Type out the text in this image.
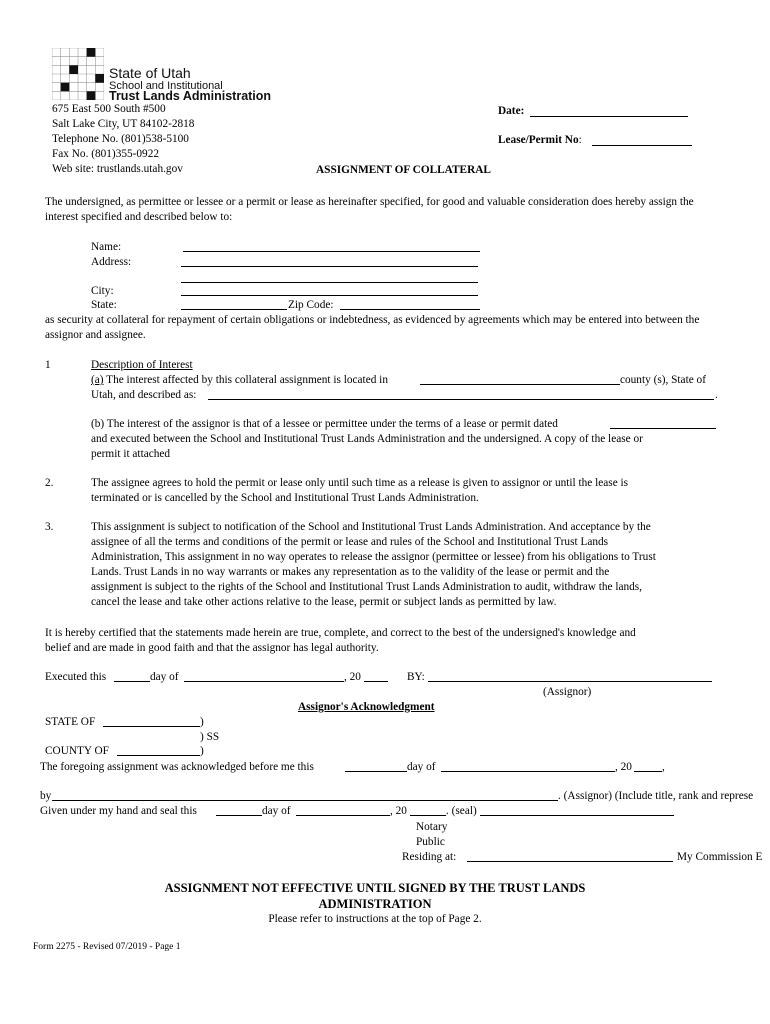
State of Utah
School and Institutional
Trust Lands Administration
675 East 500 South #500
Salt Lake City, UT 84102-2818
Telephone No. (801)538-5100
Fax No. (801)355-0922
Web site: trustlands.utah.gov
Date:
Lease/Permit No:
ASSIGNMENT OF COLLATERAL
The undersigned, as permittee or lessee or a permit or lease as hereinafter specified, for good and valuable consideration does hereby assign the interest specified and described below to:
Name:
Address:
City:
State:	Zip Code:
as security at collateral for repayment of certain obligations or indebtedness, as evidenced by agreements which may be entered into between the assignor and assignee.
1	Description of Interest
(a) The interest affected by this collateral assignment is located in	county (s), State of
Utah, and described as:	.
(b) The interest of the assignor is that of a lessee or permittee under the terms of a lease or permit dated
and executed between the School and Institutional Trust Lands Administration and the undersigned. A copy of the lease or
permit it attached
2.	The assignee agrees to hold the permit or lease only until such time as a release is given to assignor or until the lease is
terminated or is cancelled by the School and Institutional Trust Lands Administration.
3.	This assignment is subject to notification of the School and Institutional Trust Lands Administration. And acceptance by the
assignee of all the terms and conditions of the permit or lease and rules of the School and Institutional Trust Lands
Administration, This assignment in no way operates to release the assignor (permittee or lessee) from his obligations to Trust
Lands. Trust Lands in no way warrants or makes any representation as to the validity of the lease or permit and the
assignment is subject to the rights of the School and Institutional Trust Lands Administration to audit, withdraw the lands,
cancel the lease and take other actions relative to the lease, permit or subject lands as permitted by law.
It is hereby certified that the statements made herein are true, complete, and correct to the best of the undersigned's knowledge and
belief and are made in good faith and that the assignor has legal authority.
Executed this	day of	, 20	BY:
(Assignor)
Assignor's Acknowledgment
STATE OF	)
) SS
COUNTY OF	)
The foregoing assignment was acknowledged before me this	day of	, 20	,
by	. (Assignor) (Include title, rank and represe
Given under my hand and seal this	day of	, 20	. (seal)
Notary
Public
Residing at:	My Commission E
ASSIGNMENT NOT EFFECTIVE UNTIL SIGNED BY THE TRUST LANDS
ADMINISTRATION
Please refer to instructions at the top of Page 2.
Form 2275 - Revised 07/2019 - Page 1
